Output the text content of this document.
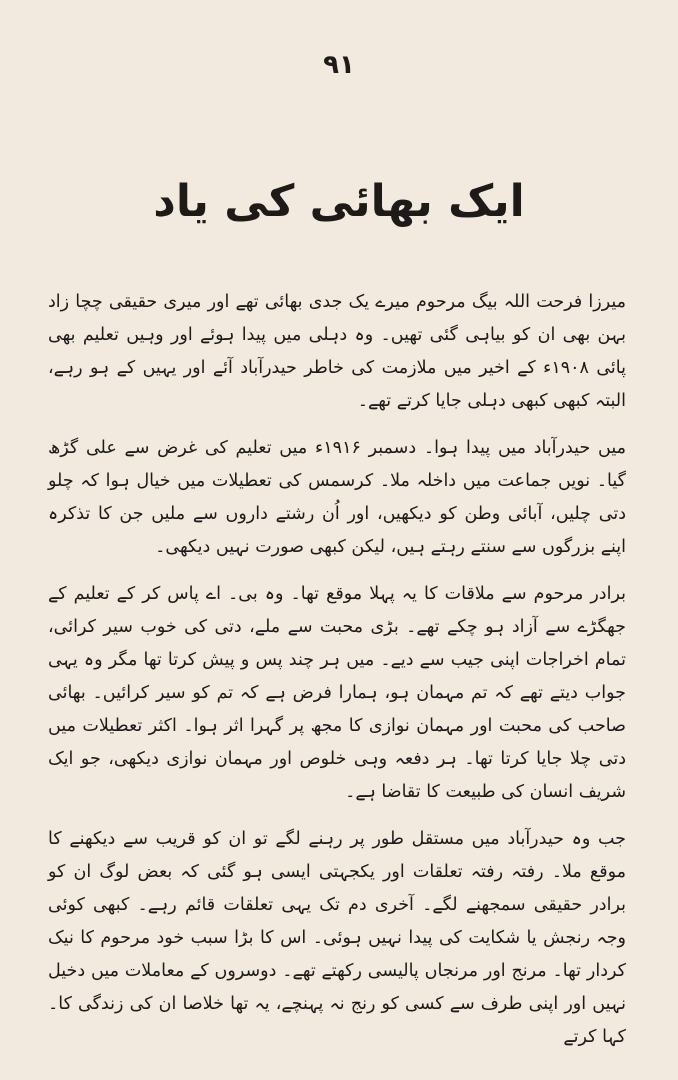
۹۱
ایک بھائی کی یاد

میرزا فرحت اللہ بیگ مرحوم میرے یک جدی بھائی تھے اور میری حقیقی چچا زاد بہن بھی ان کو بیاہی گئی تھیں۔ وہ دہلی میں پیدا ہوئے اور وہیں تعلیم بھی پائی ۱۹۰۸ء کے اخیر میں ملازمت کی خاطر حیدرآباد آئے اور یہیں کے ہو رہے، البتہ کبھی کبھی دہلی جایا کرتے تھے۔

میں حیدرآباد میں پیدا ہوا۔ دسمبر ۱۹۱۶ء میں تعلیم کی غرض سے علی گڑھ گیا۔ نویں جماعت میں داخلہ ملا۔ کرسمس کی تعطیلات میں خیال ہوا کہ چلو دتی چلیں، آبائی وطن کو دیکھیں، اور اُن رشتے داروں سے ملیں جن کا تذکرہ اپنے بزرگوں سے سنتے رہتے ہیں، لیکن کبھی صورت نہیں دیکھی۔

برادر مرحوم سے ملاقات کا یہ پہلا موقع تھا۔ وہ بی۔ اے پاس کر کے تعلیم کے جھگڑے سے آزاد ہو چکے تھے۔ بڑی محبت سے ملے، دتی کی خوب سیر کرائی، تمام اخراجات اپنی جیب سے دیے۔ میں ہر چند پس و پیش کرتا تھا مگر وہ یہی جواب دیتے تھے کہ تم مہمان ہو، ہمارا فرض ہے کہ تم کو سیر کرائیں۔ بھائی صاحب کی محبت اور مہمان نوازی کا مجھ پر گہرا اثر ہوا۔ اکثر تعطیلات میں دتی چلا جایا کرتا تھا۔ ہر دفعہ وہی خلوص اور مہمان نوازی دیکھی، جو ایک شریف انسان کی طبیعت کا تقاضا ہے۔

جب وہ حیدرآباد میں مستقل طور پر رہنے لگے تو ان کو قریب سے دیکھنے کا موقع ملا۔ رفتہ رفتہ تعلقات اور یکجہتی ایسی ہو گئی کہ بعض لوگ ان کو برادر حقیقی سمجھنے لگے۔ آخری دم تک یہی تعلقات قائم رہے۔ کبھی کوئی وجہ رنجش یا شکایت کی پیدا نہیں ہوئی۔ اس کا بڑا سبب خود مرحوم کا نیک کردار تھا۔ مرنج اور مرنجاں پالیسی رکھتے تھے۔ دوسروں کے معاملات میں دخیل نہیں اور اپنی طرف سے کسی کو رنج نہ پہنچے، یہ تھا خلاصا ان کی زندگی کا۔ کہا کرتے
